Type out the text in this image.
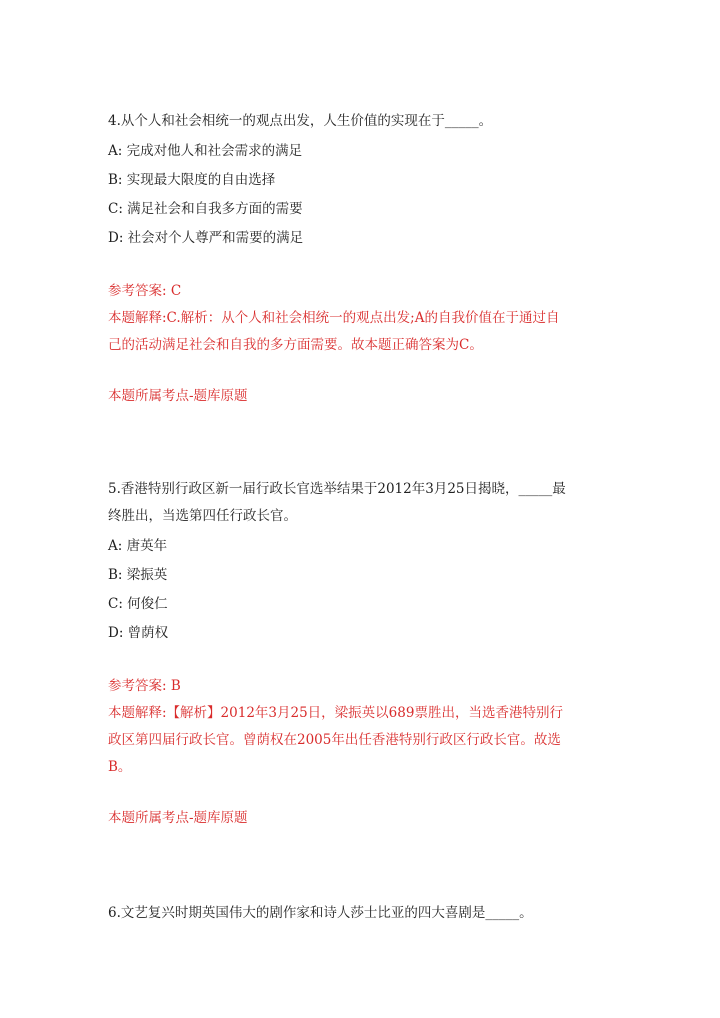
4.从个人和社会相统一的观点出发，人生价值的实现在于_____。
A: 完成对他人和社会需求的满足
B: 实现最大限度的自由选择
C: 满足社会和自我多方面的需要
D: 社会对个人尊严和需要的满足
参考答案: C
本题解释:C.解析：从个人和社会相统一的观点出发;A的自我价值在于通过自
己的活动满足社会和自我的多方面需要。故本题正确答案为C。
本题所属考点-题库原题
5.香港特别行政区新一届行政长官选举结果于2012年3月25日揭晓，_____最
终胜出，当选第四任行政长官。
A: 唐英年
B: 梁振英
C: 何俊仁
D: 曾荫权
参考答案: B
本题解释:【解析】2012年3月25日，梁振英以689票胜出，当选香港特别行
政区第四届行政长官。曾荫权在2005年出任香港特别行政区行政长官。故选
B。
本题所属考点-题库原题
6.文艺复兴时期英国伟大的剧作家和诗人莎士比亚的四大喜剧是_____。
